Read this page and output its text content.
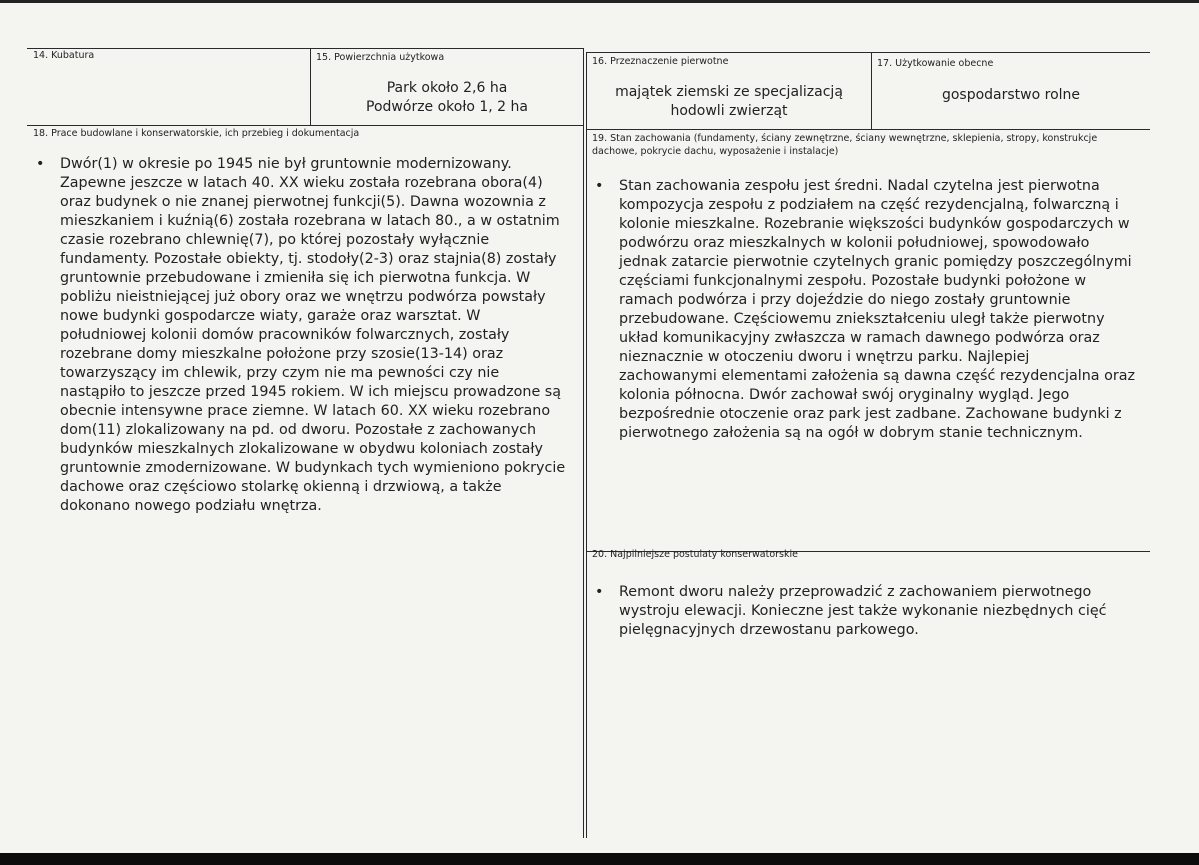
14. Kubatura	15. Powierzchnia użytkowa
Park około 2,6 ha
Podwórze około 1, 2 ha
16. Przeznaczenie pierwotne
majątek ziemski ze specjalizacją
hodowli zwierząt
17. Użytkowanie obecne
gospodarstwo rolne
18. Prace budowlane i konserwatorskie, ich przebieg i dokumentacja
• Dwór(1) w okresie po 1945 nie był gruntownie modernizowany.
Zapewne jeszcze w latach 40. XX wieku została rozebrana obora(4)
oraz budynek o nie znanej pierwotnej funkcji(5). Dawna wozownia z
mieszkaniem i kuźnią(6) została rozebrana w latach 80., a w ostatnim
czasie rozebrano chlewnię(7), po której pozostały wyłącznie
fundamenty. Pozostałe obiekty, tj. stodoły(2-3) oraz stajnia(8) zostały
gruntownie przebudowane i zmieniła się ich pierwotna funkcja. W
pobliżu nieistniejącej już obory oraz we wnętrzu podwórza powstały
nowe budynki gospodarcze wiaty, garaże oraz warsztat. W
południowej kolonii domów pracowników folwarcznych, zostały
rozebrane domy mieszkalne położone przy szosie(13-14) oraz
towarzyszący im chlewik, przy czym nie ma pewności czy nie
nastąpiło to jeszcze przed 1945 rokiem. W ich miejscu prowadzone są
obecnie intensywne prace ziemne. W latach 60. XX wieku rozebrano
dom(11) zlokalizowany na pd. od dworu. Pozostałe z zachowanych
budynków mieszkalnych zlokalizowane w obydwu koloniach zostały
gruntownie zmodernizowane. W budynkach tych wymieniono pokrycie
dachowe oraz częściowo stolarkę okienną i drzwiową, a także
dokonano nowego podziału wnętrza.
19. Stan zachowania (fundamenty, ściany zewnętrzne, ściany wewnętrzne, sklepienia, stropy, konstrukcje dachowe, pokrycie dachu, wyposażenie i instalacje)
• Stan zachowania zespołu jest średni. Nadal czytelna jest pierwotna
kompozycja zespołu z podziałem na część rezydencjalną, folwarczną i
kolonie mieszkalne. Rozebranie większości budynków gospodarczych w
podwórzu oraz mieszkalnych w kolonii południowej, spowodowało
jednak zatarcie pierwotnie czytelnych granic pomiędzy poszczególnymi
częściami funkcjonalnymi zespołu. Pozostałe budynki położone w
ramach podwórza i przy dojeździe do niego zostały gruntownie
przebudowane. Częściowemu zniekształceniu uległ także pierwotny
układ komunikacyjny zwłaszcza w ramach dawnego podwórza oraz
nieznacznie w otoczeniu dworu i wnętrzu parku. Najlepiej
zachowanymi elementami założenia są dawna część rezydencjalna oraz
kolonia północna. Dwór zachował swój oryginalny wygląd. Jego
bezpośrednie otoczenie oraz park jest zadbane. Zachowane budynki z
pierwotnego założenia są na ogół w dobrym stanie technicznym.
20. Najpilniejsze postulaty konserwatorskie
• Remont dworu należy przeprowadzić z zachowaniem pierwotnego
wystroju elewacji. Konieczne jest także wykonanie niezbędnych cięć
pielęgnacyjnych drzewostanu parkowego.
